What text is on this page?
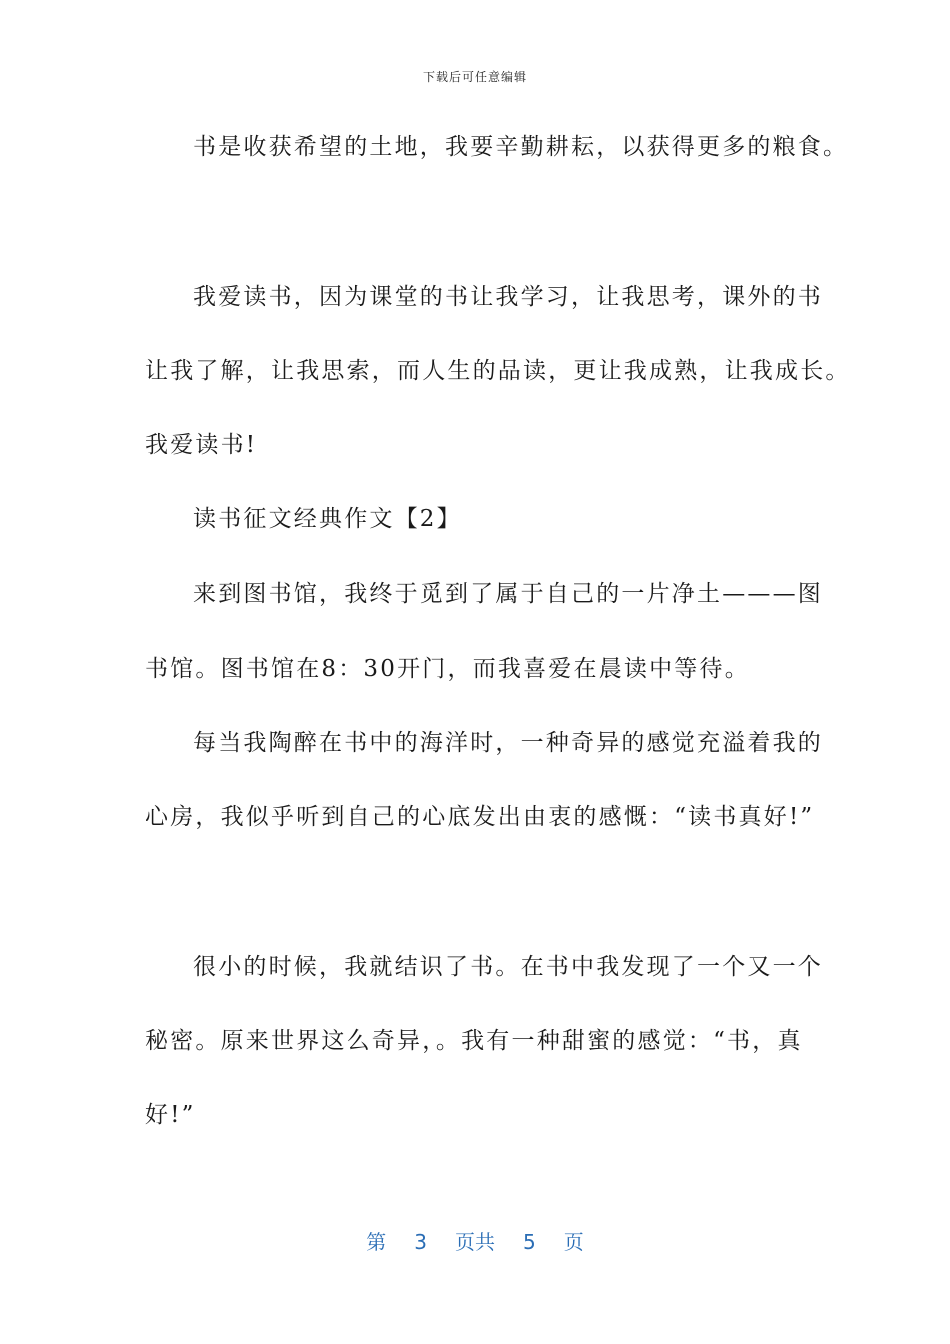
下载后可任意编辑
书是收获希望的土地，我要辛勤耕耘，以获得更多的粮食。
我爱读书，因为课堂的书让我学习，让我思考，课外的书
让我了解，让我思索，而人生的品读，更让我成熟，让我成长。
我爱读书!
读书征文经典作文【2】
来到图书馆，我终于觅到了属于自己的一片净土———图
书馆。图书馆在8：30开门，而我喜爱在晨读中等待。
每当我陶醉在书中的海洋时，一种奇异的感觉充溢着我的
心房，我似乎听到自己的心底发出由衷的感慨：“读书真好!”
很小的时候，我就结识了书。在书中我发现了一个又一个
秘密。原来世界这么奇异，。我有一种甜蜜的感觉：“书，真
好!”
第 3 页共 5 页
